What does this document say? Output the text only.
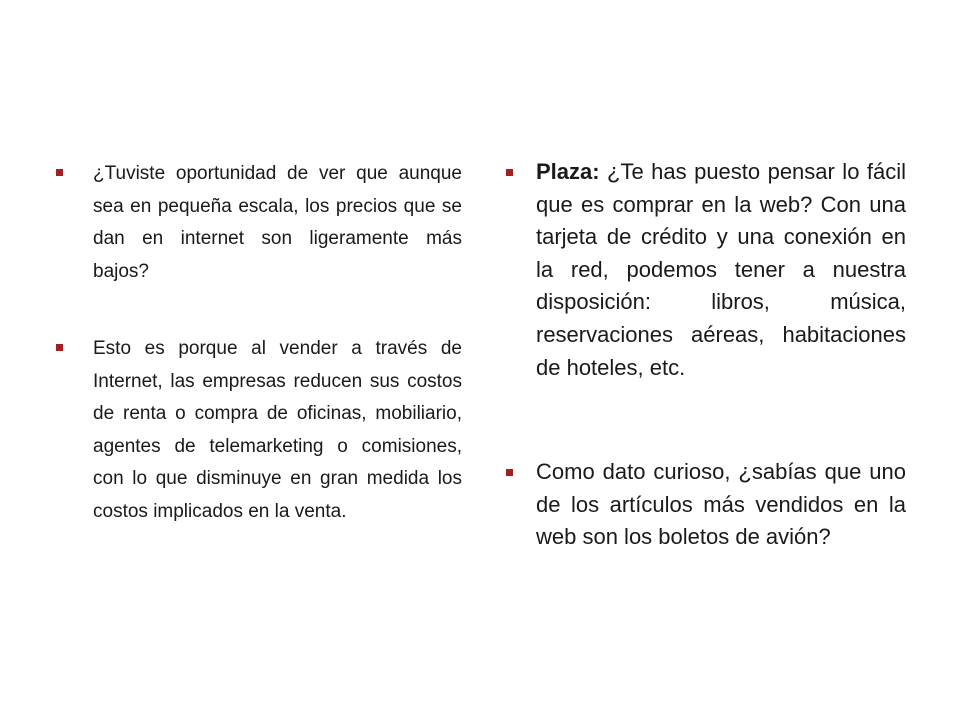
¿Tuviste oportunidad de ver que aunque sea en pequeña escala, los precios que se dan en internet son ligeramente más bajos?
Esto es porque al vender a través de Internet, las empresas reducen sus costos de renta o compra de oficinas, mobiliario, agentes de telemarketing o comisiones, con lo que disminuye en gran medida los costos implicados en la venta.
Plaza: ¿Te has puesto pensar lo fácil que es comprar en la web? Con una tarjeta de crédito y una conexión en la red, podemos tener a nuestra disposición: libros, música, reservaciones aéreas, habitaciones de hoteles, etc.
Como dato curioso, ¿sabías que uno de los artículos más vendidos en la web son los boletos de avión?
